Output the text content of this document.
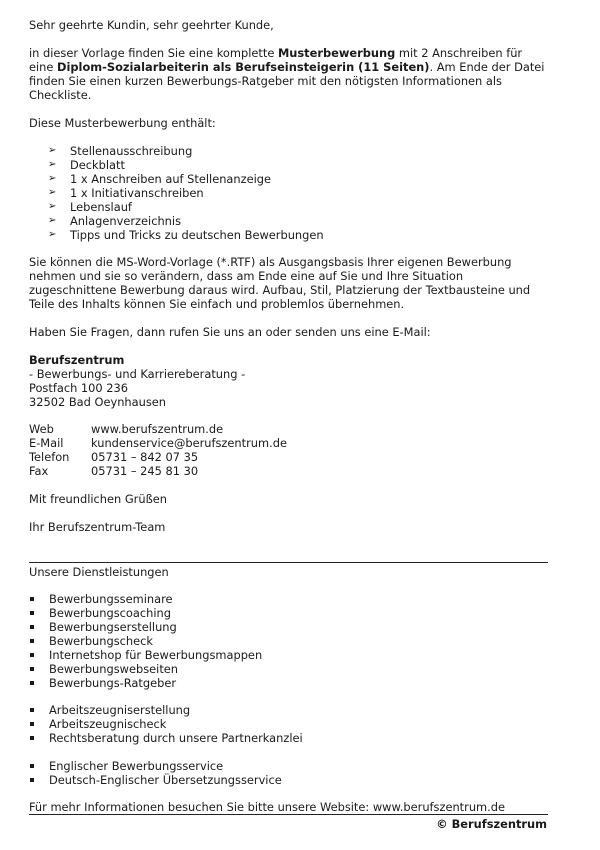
Sehr geehrte Kundin, sehr geehrter Kunde,
in dieser Vorlage finden Sie eine komplette Musterbewerbung mit 2 Anschreiben für
eine Diplom-Sozialarbeiterin als Berufseinsteigerin (11 Seiten). Am Ende der Datei
finden Sie einen kurzen Bewerbungs-Ratgeber mit den nötigsten Informationen als
Checkliste.
Diese Musterbewerbung enthält:
➢ Stellenausschreibung
➢ Deckblatt
➢ 1 x Anschreiben auf Stellenanzeige
➢ 1 x Initiativanschreiben
➢ Lebenslauf
➢ Anlagenverzeichnis
➢ Tipps und Tricks zu deutschen Bewerbungen
Sie können die MS-Word-Vorlage (*.RTF) als Ausgangsbasis Ihrer eigenen Bewerbung
nehmen und sie so verändern, dass am Ende eine auf Sie und Ihre Situation
zugeschnittene Bewerbung daraus wird. Aufbau, Stil, Platzierung der Textbausteine und
Teile des Inhalts können Sie einfach und problemlos übernehmen.
Haben Sie Fragen, dann rufen Sie uns an oder senden uns eine E-Mail:
Berufszentrum
- Bewerbungs- und Karriereberatung -
Postfach 100 236
32502 Bad Oeynhausen
Web	www.berufszentrum.de
E-Mail kundenservice@berufszentrum.de
Telefon 05731 – 842 07 35
Fax	05731 – 245 81 30
Mit freundlichen Grüßen
Ihr Berufszentrum-Team
Unsere Dienstleistungen
Bewerbungsseminare
Bewerbungscoaching
Bewerbungserstellung
Bewerbungscheck
Internetshop für Bewerbungsmappen
Bewerbungswebseiten
Bewerbungs-Ratgeber
Arbeitszeugniserstellung
Arbeitszeugnischeck
Rechtsberatung durch unsere Partnerkanzlei
Englischer Bewerbungsservice
Deutsch-Englischer Übersetzungsservice
Für mehr Informationen besuchen Sie bitte unsere Website: www.berufszentrum.de
© Berufszentrum
